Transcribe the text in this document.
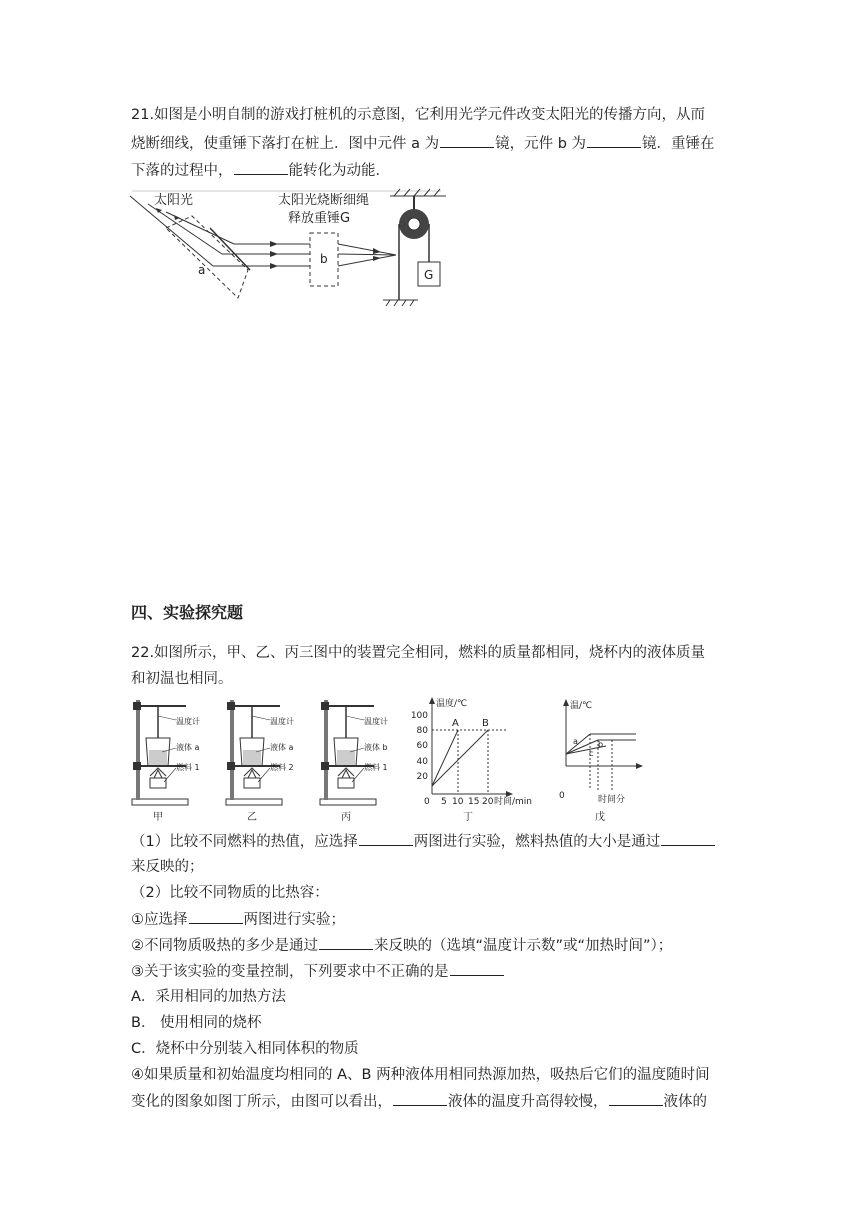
21.如图是小明自制的游戏打桩机的示意图，它利用光学元件改变太阳光的传播方向，从而
烧断细线，使重锤下落打在桩上．图中元件 a 为	镜，元件 b 为	镜．重锤在
下落的过程中，	能转化为动能．
太阳光
a
b
太阳光烧断细绳
释放重锤G
G
四、实验探究题
22.如图所示，甲、乙、丙三图中的装置完全相同，燃料的质量都相同，烧杯内的液体质量
和初温也相同。
温度计
液体 a
燃料 1
甲
温度计
液体 a
燃料 2
乙
温度计
液体 b
燃料 1
丙
温度/℃
100
80
60
40
20
0 5 10 15 20 时间/min
A B
丁
温/℃
0	时间分
a	b
c
戊
（1）比较不同燃料的热值，应选择	两图进行实验，燃料热值的大小是通过
来反映的；
（2）比较不同物质的比热容：
①应选择	两图进行实验；
②不同物质吸热的多少是通过	来反映的（选填“温度计示数”或“加热时间”）；
③关于该实验的变量控制，下列要求中不正确的是
A．采用相同的加热方法
B． 使用相同的烧杯
C．烧杯中分别装入相同体积的物质
④如果质量和初始温度均相同的 A、B 两种液体用相同热源加热，吸热后它们的温度随时间
变化的图象如图丁所示，由图可以看出，	液体的温度升高得较慢，	液体的
